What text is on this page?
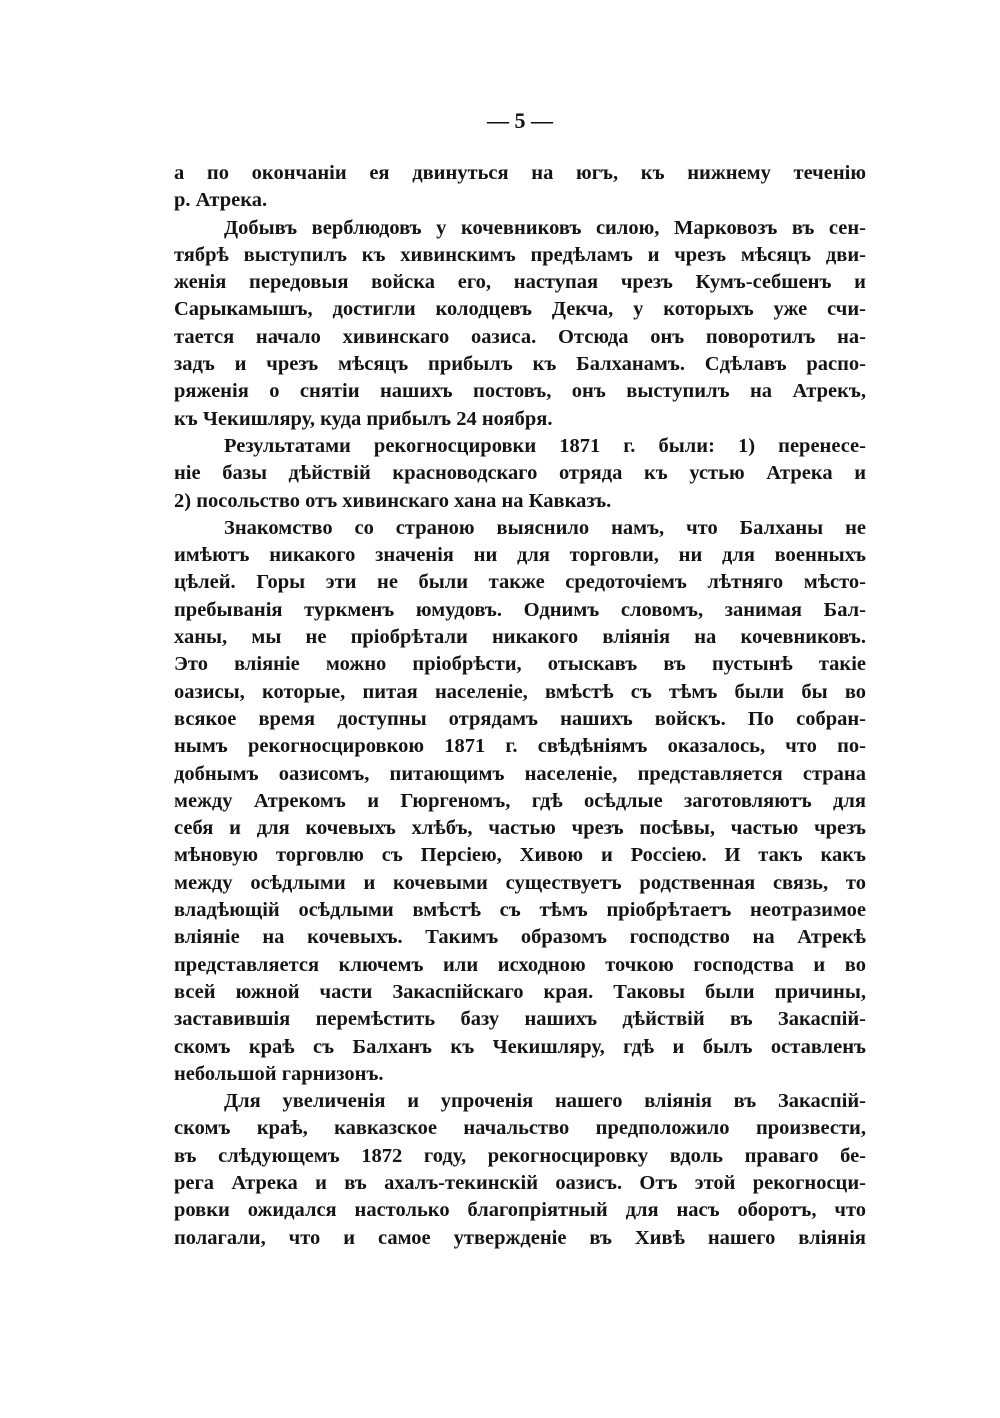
— 5 —
а по окончанiи ея двинуться на югъ, къ нижнему теченiю
р. Атрека.
Добывъ верблюдовъ у кочевниковъ силою, Марковозъ въ сен-
тябрѣ выступилъ къ хивинскимъ предѣламъ и чрезъ мѣсяцъ дви-
женiя передовыя войска его, наступая чрезъ Кумъ-себшенъ и
Сарыкамышъ, достигли колодцевъ Декча, у которыхъ уже счи-
тается начало хивинскаго оазиса. Отсюда онъ поворотилъ на-
задъ и чрезъ мѣсяцъ прибылъ къ Балханамъ. Сдѣлавъ распо-
ряженiя о снятiи нашихъ постовъ, онъ выступилъ на Атрекъ,
къ Чекишляру, куда прибылъ 24 ноября.
Результатами рекогносцировки 1871 г. были: 1) перенесе-
нiе базы дѣйствiй красноводскаго отряда къ устью Атрека и
2) посольство отъ хивинскаго хана на Кавказъ.
Знакомство со страною выяснило намъ, что Балханы не
имѣютъ никакого значенiя ни для торговли, ни для военныхъ
цѣлей. Горы эти не были также средоточiемъ лѣтняго мѣсто-
пребыванiя туркменъ юмудовъ. Однимъ словомъ, занимая Бал-
ханы, мы не прiобрѣтали никакого влiянiя на кочевниковъ.
Это влiянiе можно прiобрѣсти, отыскавъ въ пустынѣ такiе
оазисы, которые, питая населенiе, вмѣстѣ съ тѣмъ были бы во
всякое время доступны отрядамъ нашихъ войскъ. По собран-
нымъ рекогносцировкою 1871 г. свѣдѣнiямъ оказалось, что по-
добнымъ оазисомъ, питающимъ населенiе, представляется страна
между Атрекомъ и Гюргеномъ, гдѣ осѣдлые заготовляютъ для
себя и для кочевыхъ хлѣбъ, частью чрезъ посѣвы, частью чрезъ
мѣновую торговлю съ Персiею, Хивою и Россiею. И такъ какъ
между осѣдлыми и кочевыми существуетъ родственная связь, то
владѣющiй осѣдлыми вмѣстѣ съ тѣмъ прiобрѣтаетъ неотразимое
влiянiе на кочевыхъ. Такимъ образомъ господство на Атрекѣ
представляется ключемъ или исходною точкою господства и во
всей южной части Закаспiйскаго края. Таковы были причины,
заставившiя перемѣстить базу нашихъ дѣйствiй въ Закаспiй-
скомъ краѣ съ Балханъ къ Чекишляру, гдѣ и былъ оставленъ
небольшой гарнизонъ.
Для увеличенiя и упроченiя нашего влiянiя въ Закаспiй-
скомъ краѣ, кавказское начальство предположило произвести,
въ слѣдующемъ 1872 году, рекогносцировку вдоль праваго бе-
рега Атрека и въ ахалъ-текинскiй оазисъ. Отъ этой рекогносци-
ровки ожидался настолько благопрiятный для насъ оборотъ, что
полагали, что и самое утвержденiе въ Хивѣ нашего влiянiя
